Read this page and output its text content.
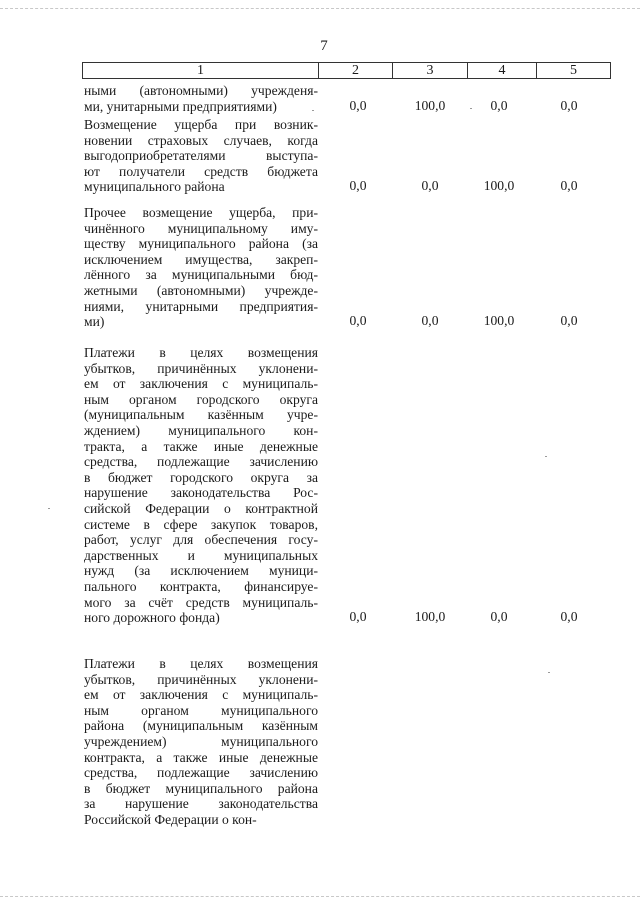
7
1	2	3	4	5
ными (автономными) учрежденя-
ми, унитарными предприятиями)	0,0	100,0	0,0	0,0
Возмещение ущерба при возник-
новении страховых случаев, когда
выгодоприобретателями выступа-
ют получатели средств бюджета
муниципального района	0,0	0,0	100,0	0,0
Прочее возмещение ущерба, при-
чинённого муниципальному иму-
ществу муниципального района (за
исключением имущества, закреп-
лённого за муниципальными бюд-
жетными (автономными) учрежде-
ниями, унитарными предприятия-
ми)	0,0	0,0	100,0	0,0
Платежи в целях возмещения
убытков, причинённых уклонени-
ем от заключения с муниципаль-
ным органом городского округа
(муниципальным казённым учре-
ждением) муниципального кон-
тракта, а также иные денежные
средства, подлежащие зачислению
в бюджет городского округа за
нарушение законодательства Рос-
сийской Федерации о контрактной
системе в сфере закупок товаров,
работ, услуг для обеспечения госу-
дарственных и муниципальных
нужд (за исключением муници-
пального контракта, финансируе-
мого за счёт средств муниципаль-
ного дорожного фонда)	0,0	100,0	0,0	0,0
Платежи в целях возмещения
убытков, причинённых уклонени-
ем от заключения с муниципаль-
ным органом муниципального
района (муниципальным казённым
учреждением) муниципального
контракта, а также иные денежные
средства, подлежащие зачислению
в бюджет муниципального района
за нарушение законодательства
Российской Федерации о кон-
